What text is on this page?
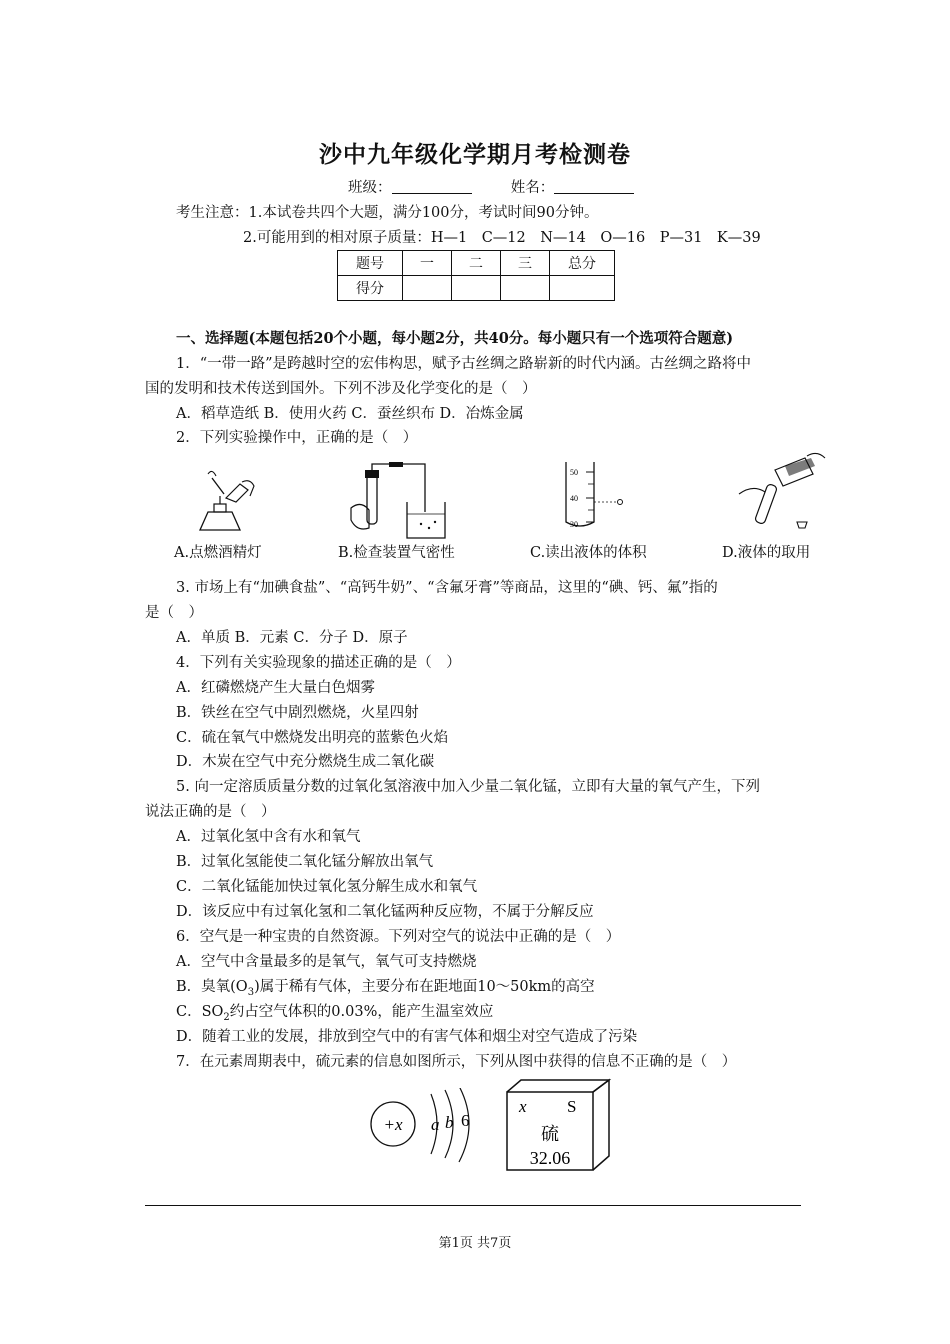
沙中九年级化学期月考检测卷
班级：	姓名：
考生注意：1.本试卷共四个大题，满分100分，考试时间90分钟。
2.可能用到的相对原子质量：H—1　C—12　N—14　O—16　P—31　K—39
题号	一	二	三	总分
得分				
一、选择题(本题包括20个小题，每小题2分，共40分。每小题只有一个选项符合题意)
1．“一带一路”是跨越时空的宏伟构思，赋予古丝绸之路崭新的时代内涵。古丝绸之路将中
国的发明和技术传送到国外。下列不涉及化学变化的是（　）
A．稻草造纸 B．使用火药 C．蚕丝织布 D．冶炼金属
2．下列实验操作中，正确的是（　）
50
40
30
A.点燃酒精灯	B.检查装置气密性	C.读出液体的体积	D.液体的取用
3. 市场上有“加碘食盐”、“高钙牛奶”、“含氟牙膏”等商品，这里的“碘、钙、氟”指的
是（　）
A．单质 B．元素 C．分子 D．原子
4．下列有关实验现象的描述正确的是（　）
A．红磷燃烧产生大量白色烟雾
B．铁丝在空气中剧烈燃烧，火星四射
C．硫在氧气中燃烧发出明亮的蓝紫色火焰
D．木炭在空气中充分燃烧生成二氧化碳
5. 向一定溶质质量分数的过氧化氢溶液中加入少量二氧化锰，立即有大量的氧气产生，下列
说法正确的是（　）
A．过氧化氢中含有水和氧气
B．过氧化氢能使二氧化锰分解放出氧气
C．二氧化锰能加快过氧化氢分解生成水和氧气
D．该反应中有过氧化氢和二氧化锰两种反应物，不属于分解反应
6．空气是一种宝贵的自然资源。下列对空气的说法中正确的是（　）
A．空气中含量最多的是氧气，氧气可支持燃烧
B．臭氧$(O_3)$属于稀有气体，主要分布在距地面10～50km的高空
C．$SO_2$约占空气体积的0.03%，能产生温室效应
D．随着工业的发展，排放到空气中的有害气体和烟尘对空气造成了污染
7．在元素周期表中，硫元素的信息如图所示，下列从图中获得的信息不正确的是（　）
+x a b 6
x S
硫
32.06
第1页 共7页
